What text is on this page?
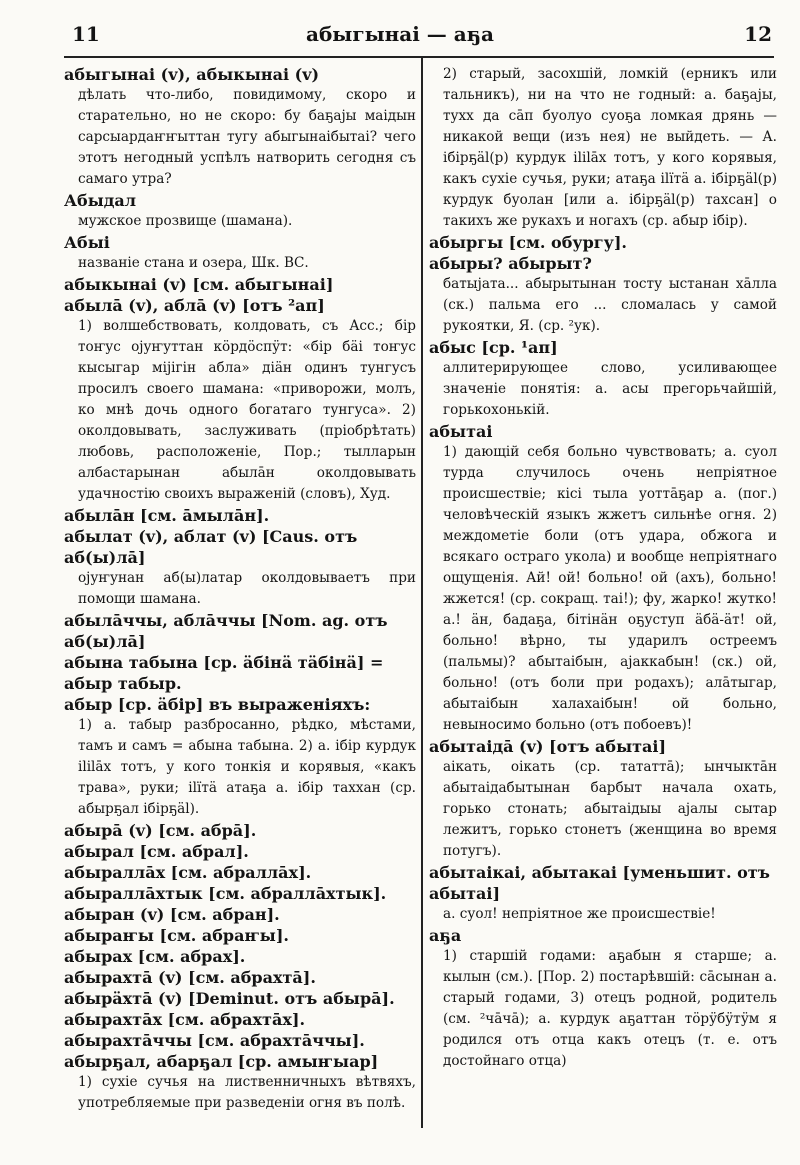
11	абыгынаі — аҕа	12
абыгынаі (v), абыкынаі (v)
дѣлать что-либо, повидимому, скоро и старательно, но не скоро: бу баҕаjы маідын сарсыардаҥҥыттан тугу абыгынаібытаі? чего этотъ негодный успѣлъ натворить сегодня съ самаго утра?
Абыдал
мужское прозвище (шамана).
Абыі
названіе стана и озера, Шк. ВС.
абыкынаі (v) [см. абыгынаі]
абылā (v), аблā (v) [отъ ²ап]
1) волшебствовать, колдовать, съ Acc.; бір тоҥус оjуҥуттан кöрдöспӱт: «бір бäі тоҥус кысыгар мiјiгiн абла» дiäн одинъ тунгусъ просилъ своего шамана: «приворожи, молъ, ко мнѣ дочь одного богатаго тунгуса». 2) околдовывать, заслуживать (пріобрѣтать) любовь, расположеніе, Пор.; тылларын албастарынан абылāн околдовывать удачностію своихъ выраженій (словъ), Худ.
абылāн [см. āмылāн].
абылат (v), аблат (v) [Caus. отъ аб(ы)лā]
оjуҥунан аб(ы)латар околдовываетъ при помощи шамана.
абылāччы, аблāччы [Nom. ag. отъ аб(ы)лā]
абына табына [ср. äбінä тäбінä] = абыр табыр.
абыр [ср. äбір] въ выраженіяхъ:
1) а. табыр разбросанно, рѣдко, мѣстами, тамъ и самъ = абына табына. 2) а. ібір курдук ililāx тотъ, у кого тонкія и корявыя, «какъ трава», руки; ilïтä атаҕа а. ібір таххан (ср. абырҕал ібірҕäl).
абырā (v) [см. абрā].
абырал [см. абрал].
абыраллāх [см. абраллāх].
абыраллāхтык [см. абраллāхтык].
абыран (v) [см. абран].
абыраҥы [см. абраҥы].
абырах [см. абрах].
абырахтā (v) [см. абрахтā].
абырäхтā (v) [Deminut. отъ абырā].
абырахтāх [см. абрахтāх].
абырахтāччы [см. абрахтāччы].
абырҕал, абарҕал [ср. амыҥыар]
1) сухіе сучья на лиственничныхъ вѣтвяхъ, употребляемые при разведеніи огня въ полѣ.
2) старый, засохшій, ломкій (ерникъ или тальникъ), ни на что не годный: а. баҕаjы, тухх да сāп буолуо суоҕа ломкая дрянь — никакой вещи (изъ нея) не выйдеть. — А. ібірҕäl(р) курдук ililāx тотъ, у кого корявыя, какъ сухіе сучья, руки; атаҕа ilïтä а. ібірҕäl(р) курдук буолан [или а. ібірҕäl(р) тахсан] о такихъ же рукахъ и ногахъ (ср. абыр ібір).
абыргы [см. обургу].
абыры? абырыт?
батыjата... абырытынан тосту ыстанан хāлла (ск.) пальма его ... сломалась у самой рукоятки, Я. (ср. ²ук).
абыс [ср. ¹ап]
аллитерирующее слово, усиливающее значеніе понятія: а. асы прегорьчайшій, горькохонькій.
абытаі
1) дающій себя больно чувствовать; а. суол турда случилось очень непріятное происшествіе; кісі тыла уоттāҕар а. (пог.) человѣческій языкъ жжетъ сильнѣе огня. 2) междометіе боли (отъ удара, обжога и всякаго остраго укола) и вообще непріятнаго ощущенія. Ай! ой! больно! ой (ахъ), больно! жжется! (ср. сокращ. таі!); фу, жарко! жутко! а.! äн, бадаҕа, бітінäн оҕуступ äбä-äт! ой, больно! вѣрно, ты ударилъ остреемъ (пальмы)? абытаібын, аjаккабын! (ск.) ой, больно! (отъ боли при родахъ); алāтыгар, абытаібын халахаібын! ой больно, невыносимо больно (отъ побоевъ)!
абытаідā (v) [отъ абытаі]
аікать, оікать (ср. тататтā); ынчыктāн абытаідабытынан барбыт начала охать, горько стонать; абытаідыы аjалы сытар лежитъ, горько стонетъ (женщина во время потугъ).
абытаікаі, абытакаі [уменьшит. отъ абытаі]
а. суол! непріятное же происшествіе!
аҕа
1) старшій годами: аҕабын я старше; а. кылын (см.). [Пор. 2) постарѣвшій: сāсынан а. старый годами, 3) отецъ родной, родитель (см. ²чāчā); а. курдук аҕаттан тöрӱбӱтӱм я родился отъ отца какъ отецъ (т. е. отъ достойнаго отца)
